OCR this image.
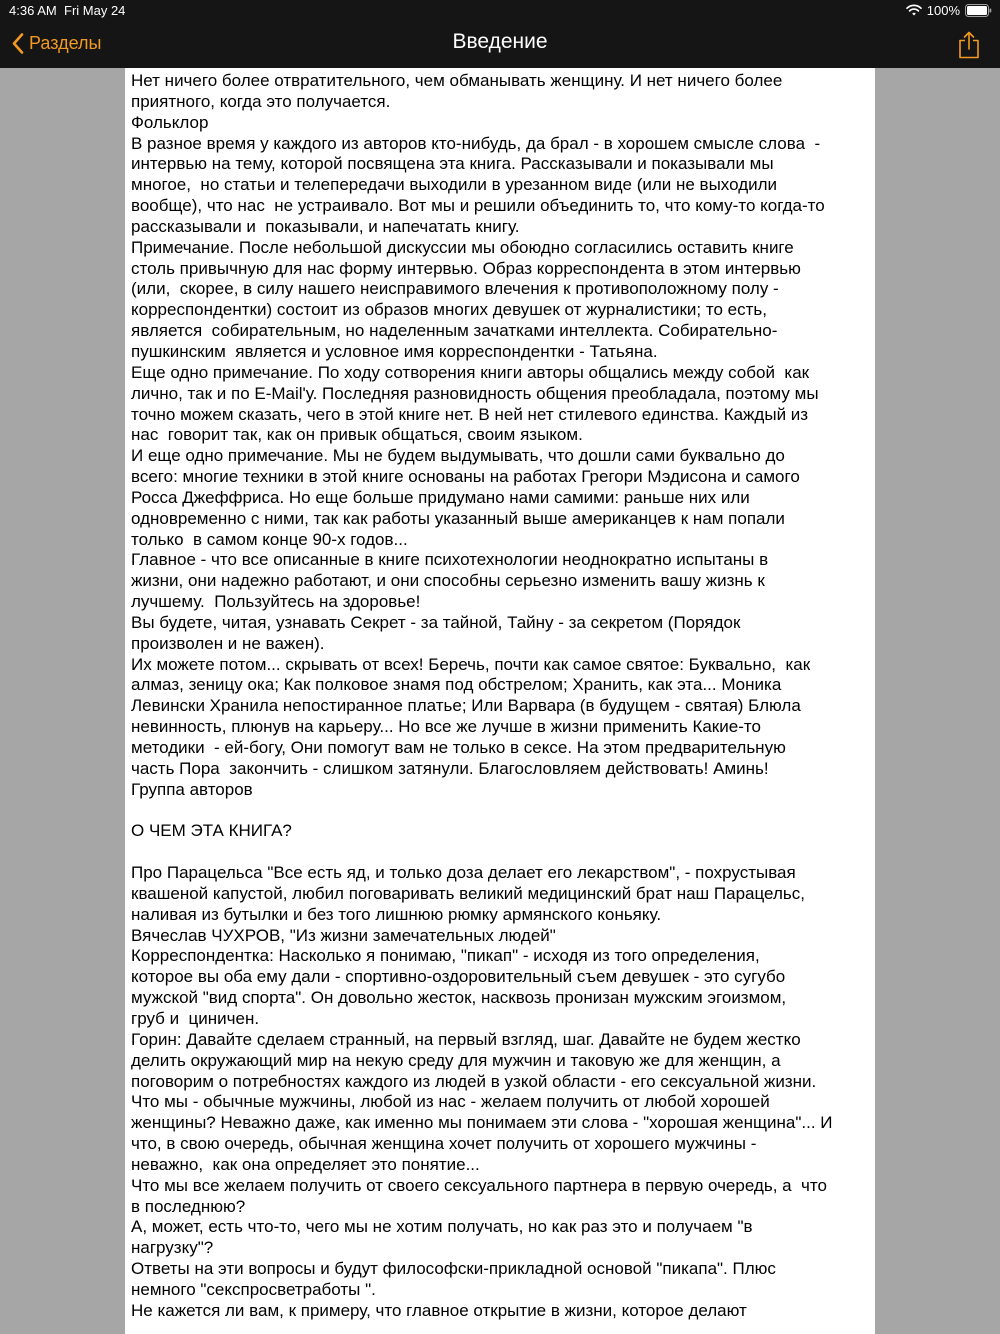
4:36 AM Fri May 24	100%
Разделы	Введение

Нет ничего более отвратительного, чем обманывать женщину. И нет ничего более
приятного, когда это получается.

Фольклор

В разное время у каждого из авторов кто-нибудь, да брал - в хорошем смысле слова  -
интервью на тему, которой посвящена эта книга. Рассказывали и показывали мы
многое,  но статьи и телепередачи выходили в урезанном виде (или не выходили
вообще), что нас  не устраивало. Вот мы и решили объединить то, что кому-то когда-то
рассказывали и  показывали, и напечатать книгу.

Примечание. После небольшой дискуссии мы обоюдно согласились оставить книге
столь привычную для нас форму интервью. Образ корреспондента в этом интервью
(или,  скорее, в силу нашего неисправимого влечения к противоположному полу -
корреспондентки) состоит из образов многих девушек от журналистики; то есть,
является  собирательным, но наделенным зачатками интеллекта. Собирательно-
пушкинским  является и условное имя корреспондентки - Татьяна.

Еще одно примечание. По ходу сотворения книги авторы общались между собой  как
лично, так и по E-Mail'у. Последняя разновидность общения преобладала, поэтому мы
точно можем сказать, чего в этой книге нет. В ней нет стилевого единства. Каждый из
нас  говорит так, как он привык общаться, своим языком.

И еще одно примечание. Мы не будем выдумывать, что дошли сами буквально до
всего: многие техники в этой книге основаны на работах Грегори Мэдисона и самого
Росса Джеффриса. Но еще больше придумано нами самими: раньше них или
одновременно с ними, так как работы указанный выше американцев к нам попали
только  в самом конце 90-х годов...

Главное - что все описанные в книге психотехнологии неоднократно испытаны в
жизни, они надежно работают, и они способны серьезно изменить вашу жизнь к
лучшему.  Пользуйтесь на здоровье!

Вы будете, читая, узнавать Секрет - за тайной, Тайну - за секретом (Порядок
произволен и не важен).

Их можете потом... скрывать от всех! Беречь, почти как самое святое: Буквально,  как
алмаз, зеницу ока; Как полковое знамя под обстрелом; Хранить, как эта... Моника
Левински Хранила непостиранное платье; Или Варвара (в будущем - святая) Блюла
невинность, плюнув на карьеру... Но все же лучше в жизни применить Какие-то
методики  - ей-богу, Они помогут вам не только в сексе. На этом предварительную
часть Пора  закончить - слишком затянули. Благословляем действовать! Аминь!

Группа авторов

О ЧЕМ ЭТА КНИГА?

Про Парацельса "Все есть яд, и только доза делает его лекарством", - похрустывая
квашеной капустой, любил поговаривать великий медицинский брат наш Парацельс,
наливая из бутылки и без того лишнюю рюмку армянского коньяку.

Вячеслав ЧУХРОВ, "Из жизни замечательных людей"

Корреспондентка: Насколько я понимаю, "пикап" - исходя из того определения,
которое вы оба ему дали - спортивно-оздоровительный съем девушек - это сугубо
мужской "вид спорта". Он довольно жесток, насквозь пронизан мужским эгоизмом,
груб и  циничен.

Горин: Давайте сделаем странный, на первый взгляд, шаг. Давайте не будем жестко
делить окружающий мир на некую среду для мужчин и таковую же для женщин, а
поговорим о потребностях каждого из людей в узкой области - его сексуальной жизни.

Что мы - обычные мужчины, любой из нас - желаем получить от любой хорошей
женщины? Неважно даже, как именно мы понимаем эти слова - "хорошая женщина"... И
что, в свою очередь, обычная женщина хочет получить от хорошего мужчины -
неважно,  как она определяет это понятие...

Что мы все желаем получить от своего сексуального партнера в первую очередь, а  что
в последнюю?

А, может, есть что-то, чего мы не хотим получать, но как раз это и получаем "в
нагрузку"?

Ответы на эти вопросы и будут философски-прикладной основой "пикапа". Плюс
немного "секспросветработы ".

Не кажется ли вам, к примеру, что главное открытие в жизни, которое делают
